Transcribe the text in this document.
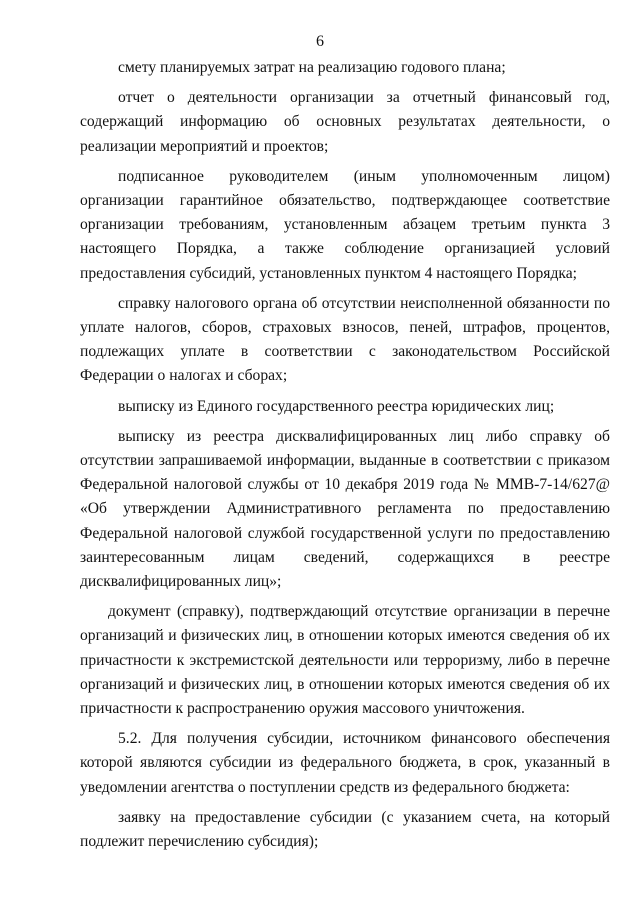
6

смету планируемых затрат на реализацию годового плана;

отчет о деятельности организации за отчетный финансовый год, содержащий информацию об основных результатах деятельности, о реализации мероприятий и проектов;

подписанное руководителем (иным уполномоченным лицом) организации гарантийное обязательство, подтверждающее соответствие организации требованиям, установленным абзацем третьим пункта 3 настоящего Порядка, а также соблюдение организацией условий предоставления субсидий, установленных пунктом 4 настоящего Порядка;

справку налогового органа об отсутствии неисполненной обязанности по уплате налогов, сборов, страховых взносов, пеней, штрафов, процентов, подлежащих уплате в соответствии с законодательством Российской Федерации о налогах и сборах;

выписку из Единого государственного реестра юридических лиц;

выписку из реестра дисквалифицированных лиц либо справку об отсутствии запрашиваемой информации, выданные в соответствии с приказом Федеральной налоговой службы от 10 декабря 2019 года № ММВ-7-14/627@ «Об утверждении Административного регламента по предоставлению Федеральной налоговой службой государственной услуги по предоставлению заинтересованным лицам сведений, содержащихся в реестре дисквалифицированных лиц»;

документ (справку), подтверждающий отсутствие организации в перечне организаций и физических лиц, в отношении которых имеются сведения об их причастности к экстремистской деятельности или терроризму, либо в перечне организаций и физических лиц, в отношении которых имеются сведения об их причастности к распространению оружия массового уничтожения.

5.2. Для получения субсидии, источником финансового обеспечения которой являются субсидии из федерального бюджета, в срок, указанный в уведомлении агентства о поступлении средств из федерального бюджета:

заявку на предоставление субсидии (с указанием счета, на который подлежит перечислению субсидия);
